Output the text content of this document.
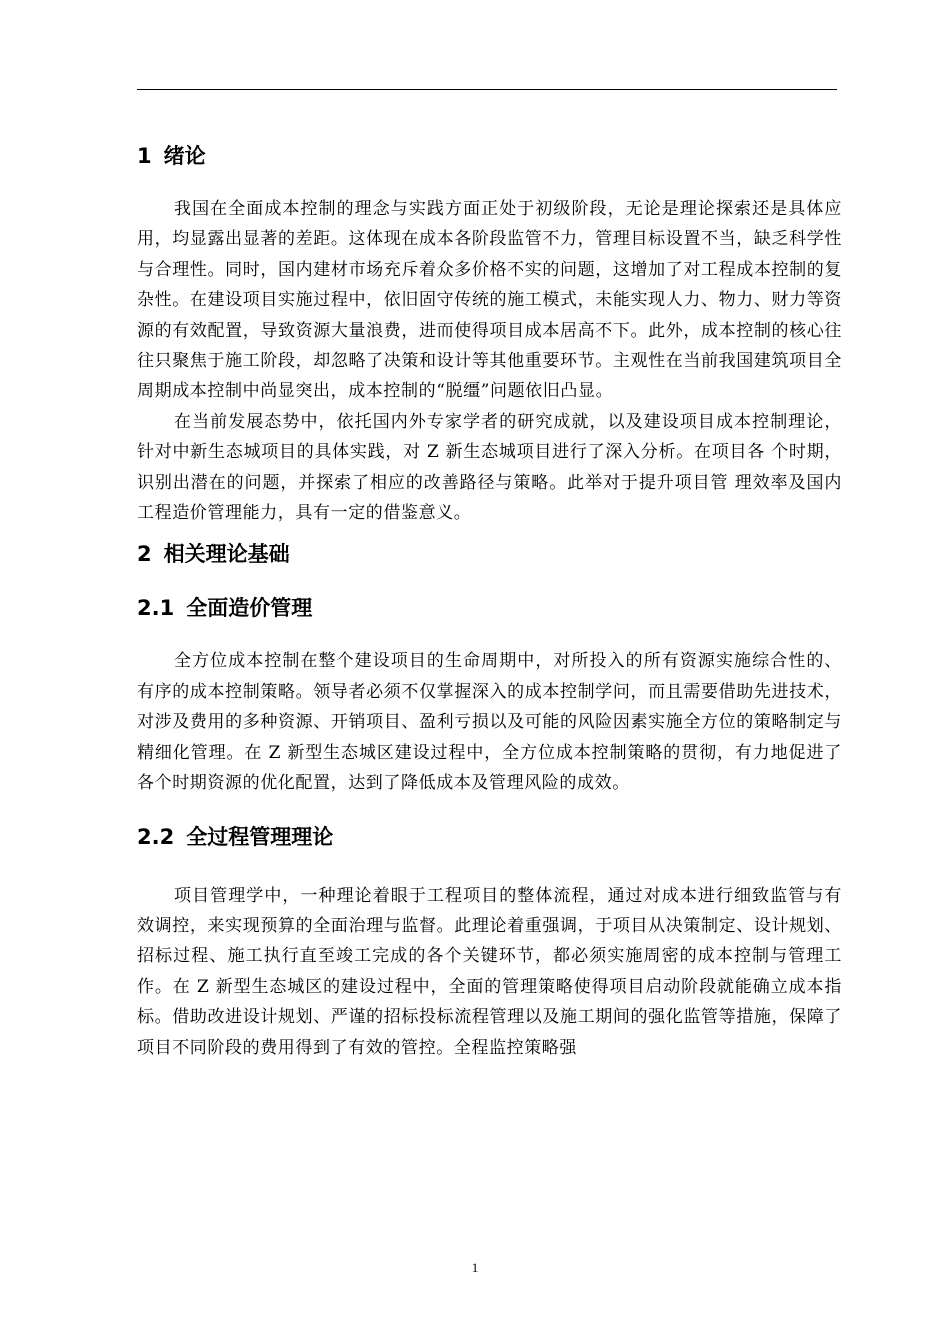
1 绪论

我国在全面成本控制的理念与实践方面正处于初级阶段，无论是理论探索还是具体应用，均显露出显著的差距。这体现在成本各阶段监管不力，管理目标设置不当，缺乏科学性与合理性。同时，国内建材市场充斥着众多价格不实的问题，这增加了对工程成本控制的复杂性。在建设项目实施过程中，依旧固守传统的施工模式，未能实现人力、物力、财力等资源的有效配置，导致资源大量浪费，进而使得项目成本居高不下。此外，成本控制的核心往往只聚焦于施工阶段，却忽略了决策和设计等其他重要环节。主观性在当前我国建筑项目全周期成本控制中尚显突出，成本控制的“脱缰”问题依旧凸显。

在当前发展态势中，依托国内外专家学者的研究成就，以及建设项目成本控制理论，针对中新生态城项目的具体实践，对 Z 新生态城项目进行了深入分析。在项目各 个时期，识别出潜在的问题，并探索了相应的改善路径与策略。此举对于提升项目管 理效率及国内工程造价管理能力，具有一定的借鉴意义。

2 相关理论基础
2.1 全面造价管理

全方位成本控制在整个建设项目的生命周期中，对所投入的所有资源实施综合性的、有序的成本控制策略。领导者必须不仅掌握深入的成本控制学问，而且需要借助先进技术，对涉及费用的多种资源、开销项目、盈利亏损以及可能的风险因素实施全方位的策略制定与精细化管理。在 Z 新型生态城区建设过程中，全方位成本控制策略的贯彻，有力地促进了各个时期资源的优化配置，达到了降低成本及管理风险的成效。

2.2 全过程管理理论

项目管理学中，一种理论着眼于工程项目的整体流程，通过对成本进行细致监管与有效调控，来实现预算的全面治理与监督。此理论着重强调，于项目从决策制定、设计规划、招标过程、施工执行直至竣工完成的各个关键环节，都必须实施周密的成本控制与管理工作。在 Z 新型生态城区的建设过程中，全面的管理策略使得项目启动阶段就能确立成本指标。借助改进设计规划、严谨的招标投标流程管理以及施工期间的强化监管等措施，保障了项目不同阶段的费用得到了有效的管控。全程监控策略强

1
